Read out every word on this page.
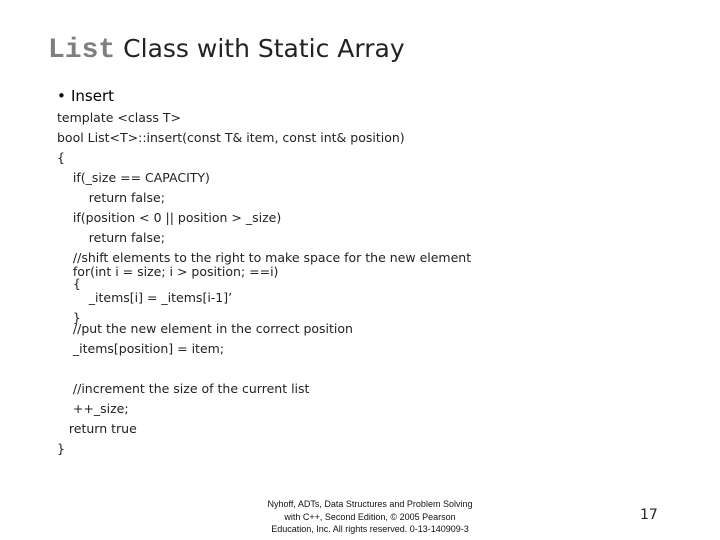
List Class with Static Array
• Insert
template <class T>
bool List<T>::insert(const T& item, const int& position)
{
if(_size == CAPACITY)
return false;
if(position < 0 || position > _size)
return false;
//shift elements to the right to make space for the new element
for(int i = size; i > position; ==i)
{
_items[i] = _items[i-1]’
}
//put the new element in the correct position
_items[position] = item;
//increment the size of the current list
++_size;
return true
}
Nyhoff, ADTs, Data Structures and Problem Solving
with C++, Second Edition, © 2005 Pearson
Education, Inc. All rights reserved. 0-13-140909-3
17
